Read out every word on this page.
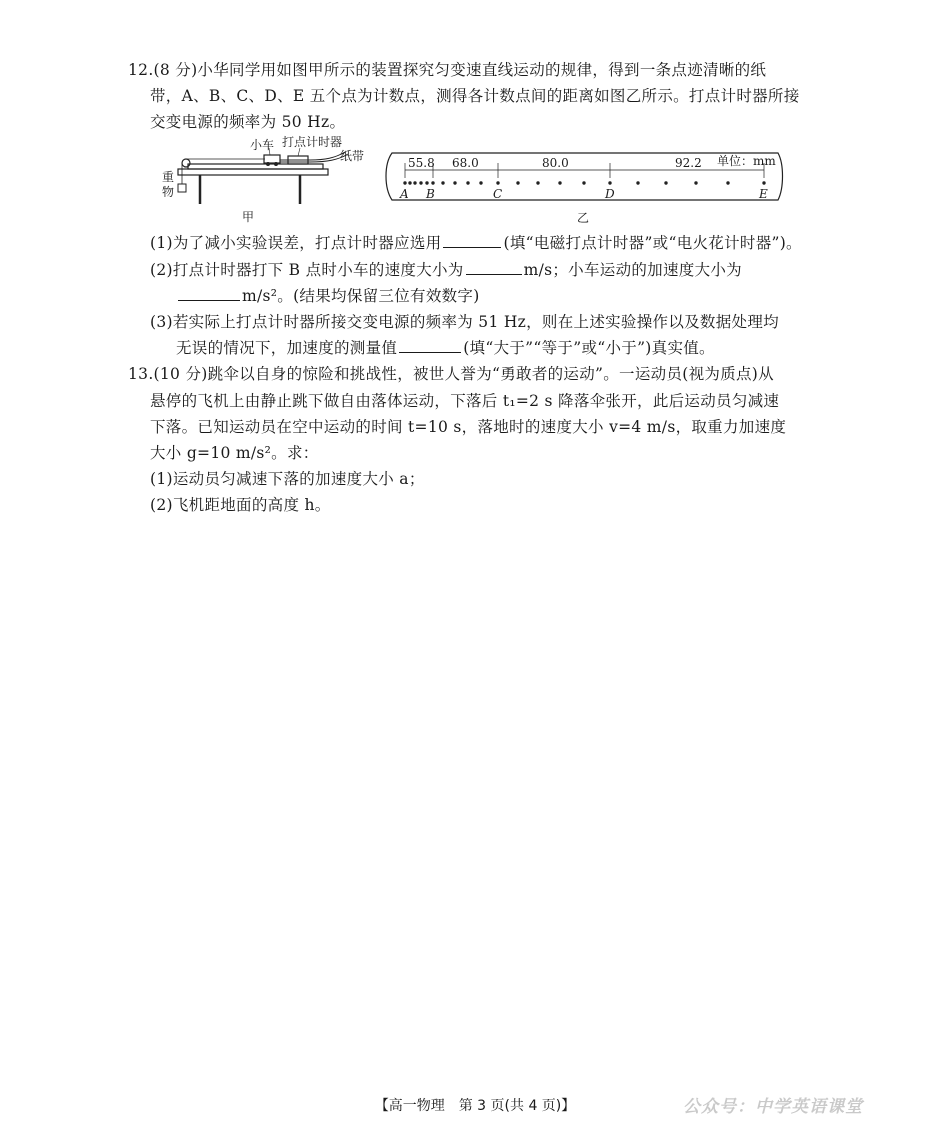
12.(8 分)小华同学用如图甲所示的装置探究匀变速直线运动的规律，得到一条点迹清晰的纸
带，A、B、C、D、E 五个点为计数点，测得各计数点间的距离如图乙所示。打点计时器所接
交变电源的频率为 50 Hz。
小车 打点计时器
纸带
重
物
甲
55.8 68.0	80.0	92.2 单位：mm
A B	C	D	E
乙
(1)为了减小实验误差，打点计时器应选用	(填“电磁打点计时器”或“电火花计时器”)。
(2)打点计时器打下 B 点时小车的速度大小为	m/s；小车运动的加速度大小为
m/s²。(结果均保留三位有效数字)
(3)若实际上打点计时器所接交变电源的频率为 51 Hz，则在上述实验操作以及数据处理均
无误的情况下，加速度的测量值	(填“大于”“等于”或“小于”)真实值。
13.(10 分)跳伞以自身的惊险和挑战性，被世人誉为“勇敢者的运动”。一运动员(视为质点)从
悬停的飞机上由静止跳下做自由落体运动，下落后 t₁=2 s 降落伞张开，此后运动员匀减速
下落。已知运动员在空中运动的时间 t=10 s，落地时的速度大小 v=4 m/s，取重力加速度
大小 g=10 m/s²。求：
(1)运动员匀减速下落的加速度大小 a；
(2)飞机距地面的高度 h。
【高一物理　第 3 页(共 4 页)】	公众号：中学英语课堂
